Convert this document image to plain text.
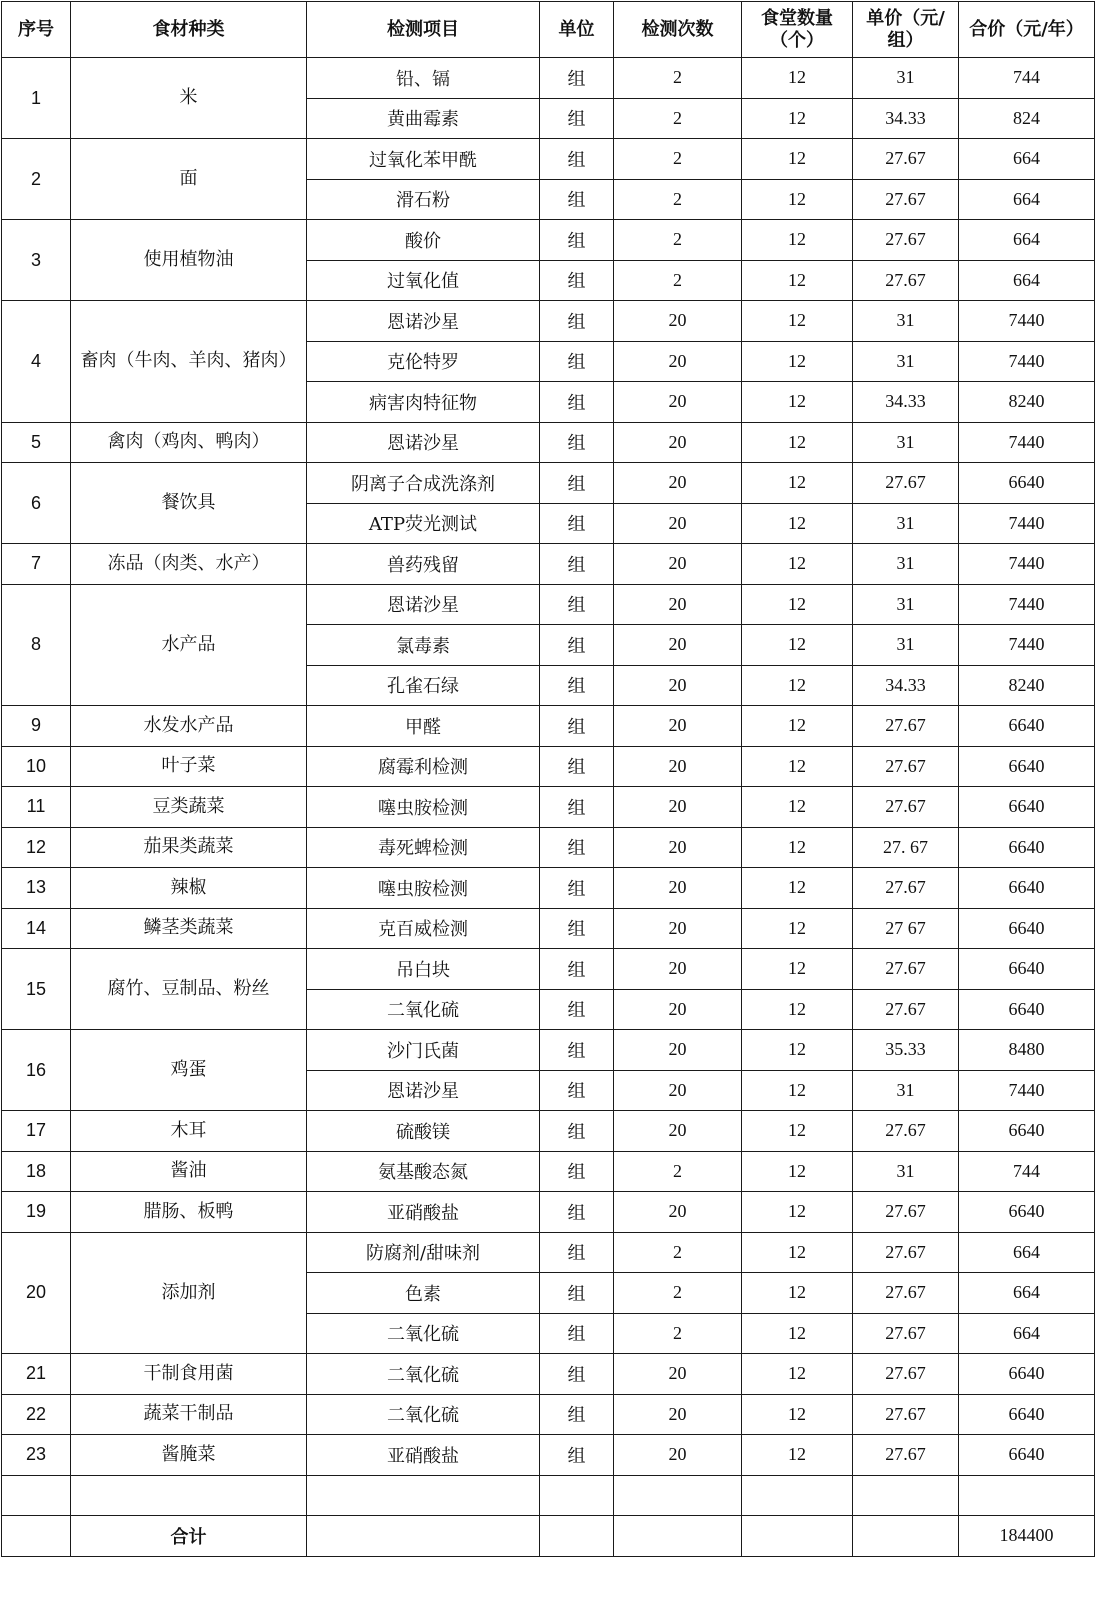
序号	食材种类	检测项目	单位	检测次数	食堂数量（个）	单价（元/组）	合价（元/年）
1	米	铅、镉	组	2	12	31	744
		黄曲霉素	组	2	12	34.33	824
2	面	过氧化苯甲酰	组	2	12	27.67	664
		滑石粉	组	2	12	27.67	664
3	使用植物油	酸价	组	2	12	27.67	664
		过氧化值	组	2	12	27.67	664
4	畜肉（牛肉、羊肉、猪肉）	恩诺沙星	组	20	12	31	7440
		克伦特罗	组	20	12	31	7440
		病害肉特征物	组	20	12	34.33	8240
5	禽肉（鸡肉、鸭肉）	恩诺沙星	组	20	12	31	7440
6	餐饮具	阴离子合成洗涤剂	组	20	12	27.67	6640
		ATP荧光测试	组	20	12	31	7440
7	冻品（肉类、水产）	兽药残留	组	20	12	31	7440
8	水产品	恩诺沙星	组	20	12	31	7440
		氯毒素	组	20	12	31	7440
		孔雀石绿	组	20	12	34.33	8240
9	水发水产品	甲醛	组	20	12	27.67	6640
10	叶子菜	腐霉利检测	组	20	12	27.67	6640
11	豆类蔬菜	噻虫胺检测	组	20	12	27.67	6640
12	茄果类蔬菜	毒死蜱检测	组	20	12	27. 67	6640
13	辣椒	噻虫胺检测	组	20	12	27.67	6640
14	鳞茎类蔬菜	克百威检测	组	20	12	27 67	6640
15	腐竹、豆制品、粉丝	吊白块	组	20	12	27.67	6640
		二氧化硫	组	20	12	27.67	6640
16	鸡蛋	沙门氏菌	组	20	12	35.33	8480
		恩诺沙星	组	20	12	31	7440
17	木耳	硫酸镁	组	20	12	27.67	6640
18	酱油	氨基酸态氮	组	2	12	31	744
19	腊肠、板鸭	亚硝酸盐	组	20	12	27.67	6640
20	添加剂	防腐剂/甜味剂	组	2	12	27.67	664
		色素	组	2	12	27.67	664
		二氧化硫	组	2	12	27.67	664
21	干制食用菌	二氧化硫	组	20	12	27.67	6640
22	蔬菜干制品	二氧化硫	组	20	12	27.67	6640
23	酱腌菜	亚硝酸盐	组	20	12	27.67	6640

	合计						184400
